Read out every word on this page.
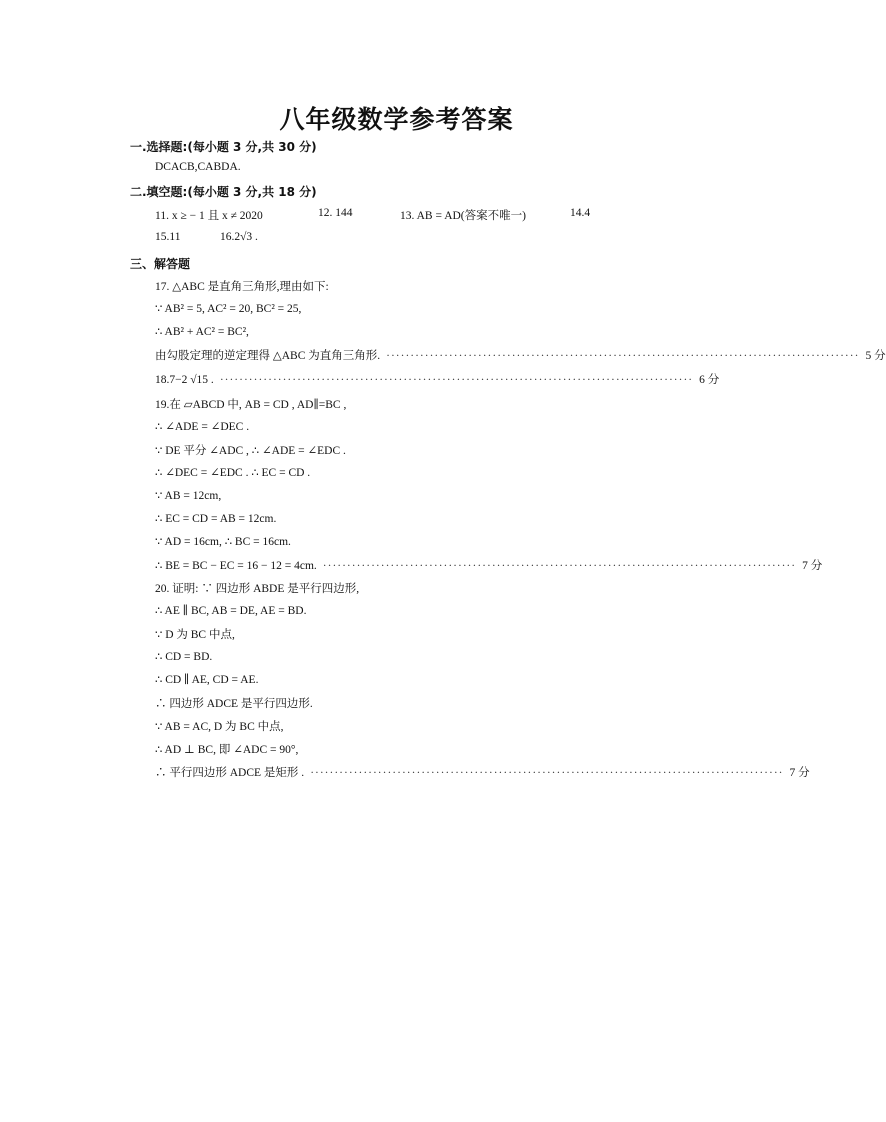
八年级数学参考答案
一.选择题:(每小题 3 分,共 30 分)
DCACB,CABDA.
二.填空题:(每小题 3 分,共 18 分)
11. x ≥ − 1 且 x ≠ 2020	12. 144	13. AB = AD(答案不唯一)	14.4
15.11	16.2√3 .
三、解答题
17. △ABC 是直角三角形,理由如下:
∵ AB² = 5, AC² = 20, BC² = 25,
∴ AB² + AC² = BC²,
由勾股定理的逆定理得 △ABC 为直角三角形. ·································································································· 5 分
18.7−2 √15 . ·································································································· 6 分
19.在 ▱ABCD 中, AB = CD , AD∥=BC ,
∴ ∠ADE = ∠DEC .
∵ DE 平分 ∠ADC , ∴ ∠ADE = ∠EDC .
∴ ∠DEC = ∠EDC . ∴ EC = CD .
∵ AB = 12cm,
∴ EC = CD = AB = 12cm.
∵ AD = 16cm, ∴ BC = 16cm.
∴ BE = BC − EC = 16 − 12 = 4cm. ·································································································· 7 分
20. 证明: ∵ 四边形 ABDE 是平行四边形,
∴ AE ∥ BC, AB = DE, AE = BD.
∵ D 为 BC 中点,
∴ CD = BD.
∴ CD ∥ AE, CD = AE.
∴ 四边形 ADCE 是平行四边形.
∵ AB = AC, D 为 BC 中点,
∴ AD ⊥ BC, 即 ∠ADC = 90°,
∴ 平行四边形 ADCE 是矩形 . ·································································································· 7 分
